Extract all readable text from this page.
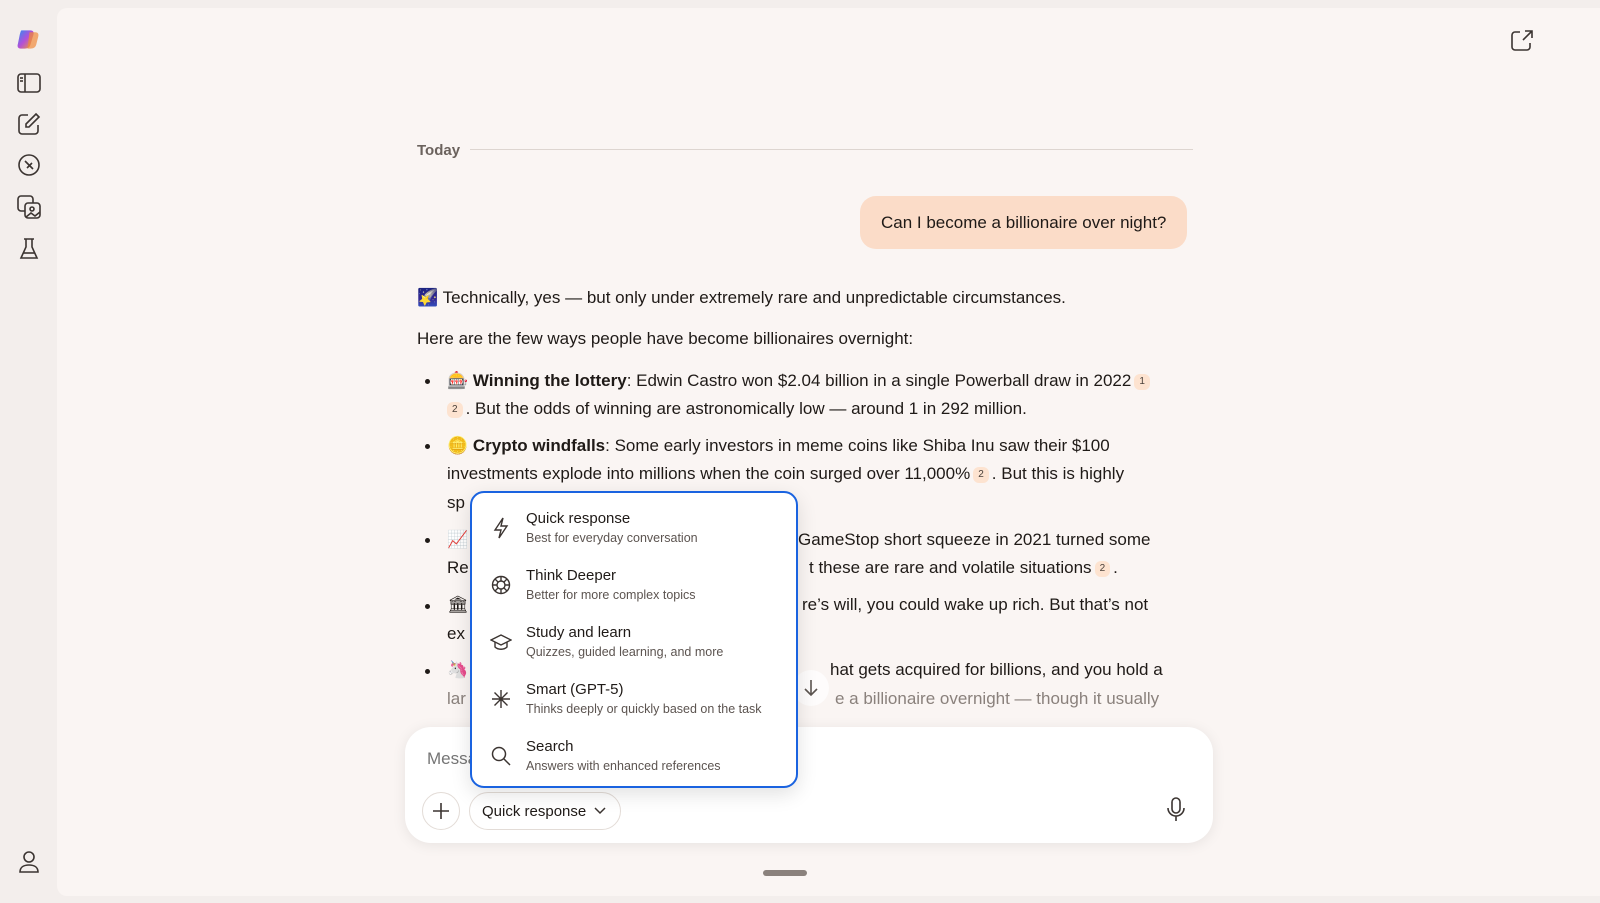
Today
Can I become a billionaire over night?
🌠 Technically, yes — but only under extremely rare and unpredictable circumstances.
Here are the few ways people have become billionaires overnight:
🎰 Winning the lottery: Edwin Castro won $2.04 billion in a single Powerball draw in 2022 1
2 . But the odds of winning are astronomically low — around 1 in 292 million.
🪙 Crypto windfalls: Some early investors in meme coins like Shiba Inu saw their $100
investments explode into millions when the coin surged over 11,000% 2 . But this is highly
sp
📈	GameStop short squeeze in 2021 turned some
Re	t these are rare and volatile situations 2 .
🏛	re’s will, you could wake up rich. But that’s not
ex
🦄	hat gets acquired for billions, and you hold a
lar	e a billionaire overnight — though it usually
Message Copilot
Quick response
Quick response
Best for everyday conversation
Think Deeper
Better for more complex topics
Study and learn
Quizzes, guided learning, and more
Smart (GPT-5)
Thinks deeply or quickly based on the task
Search
Answers with enhanced references
